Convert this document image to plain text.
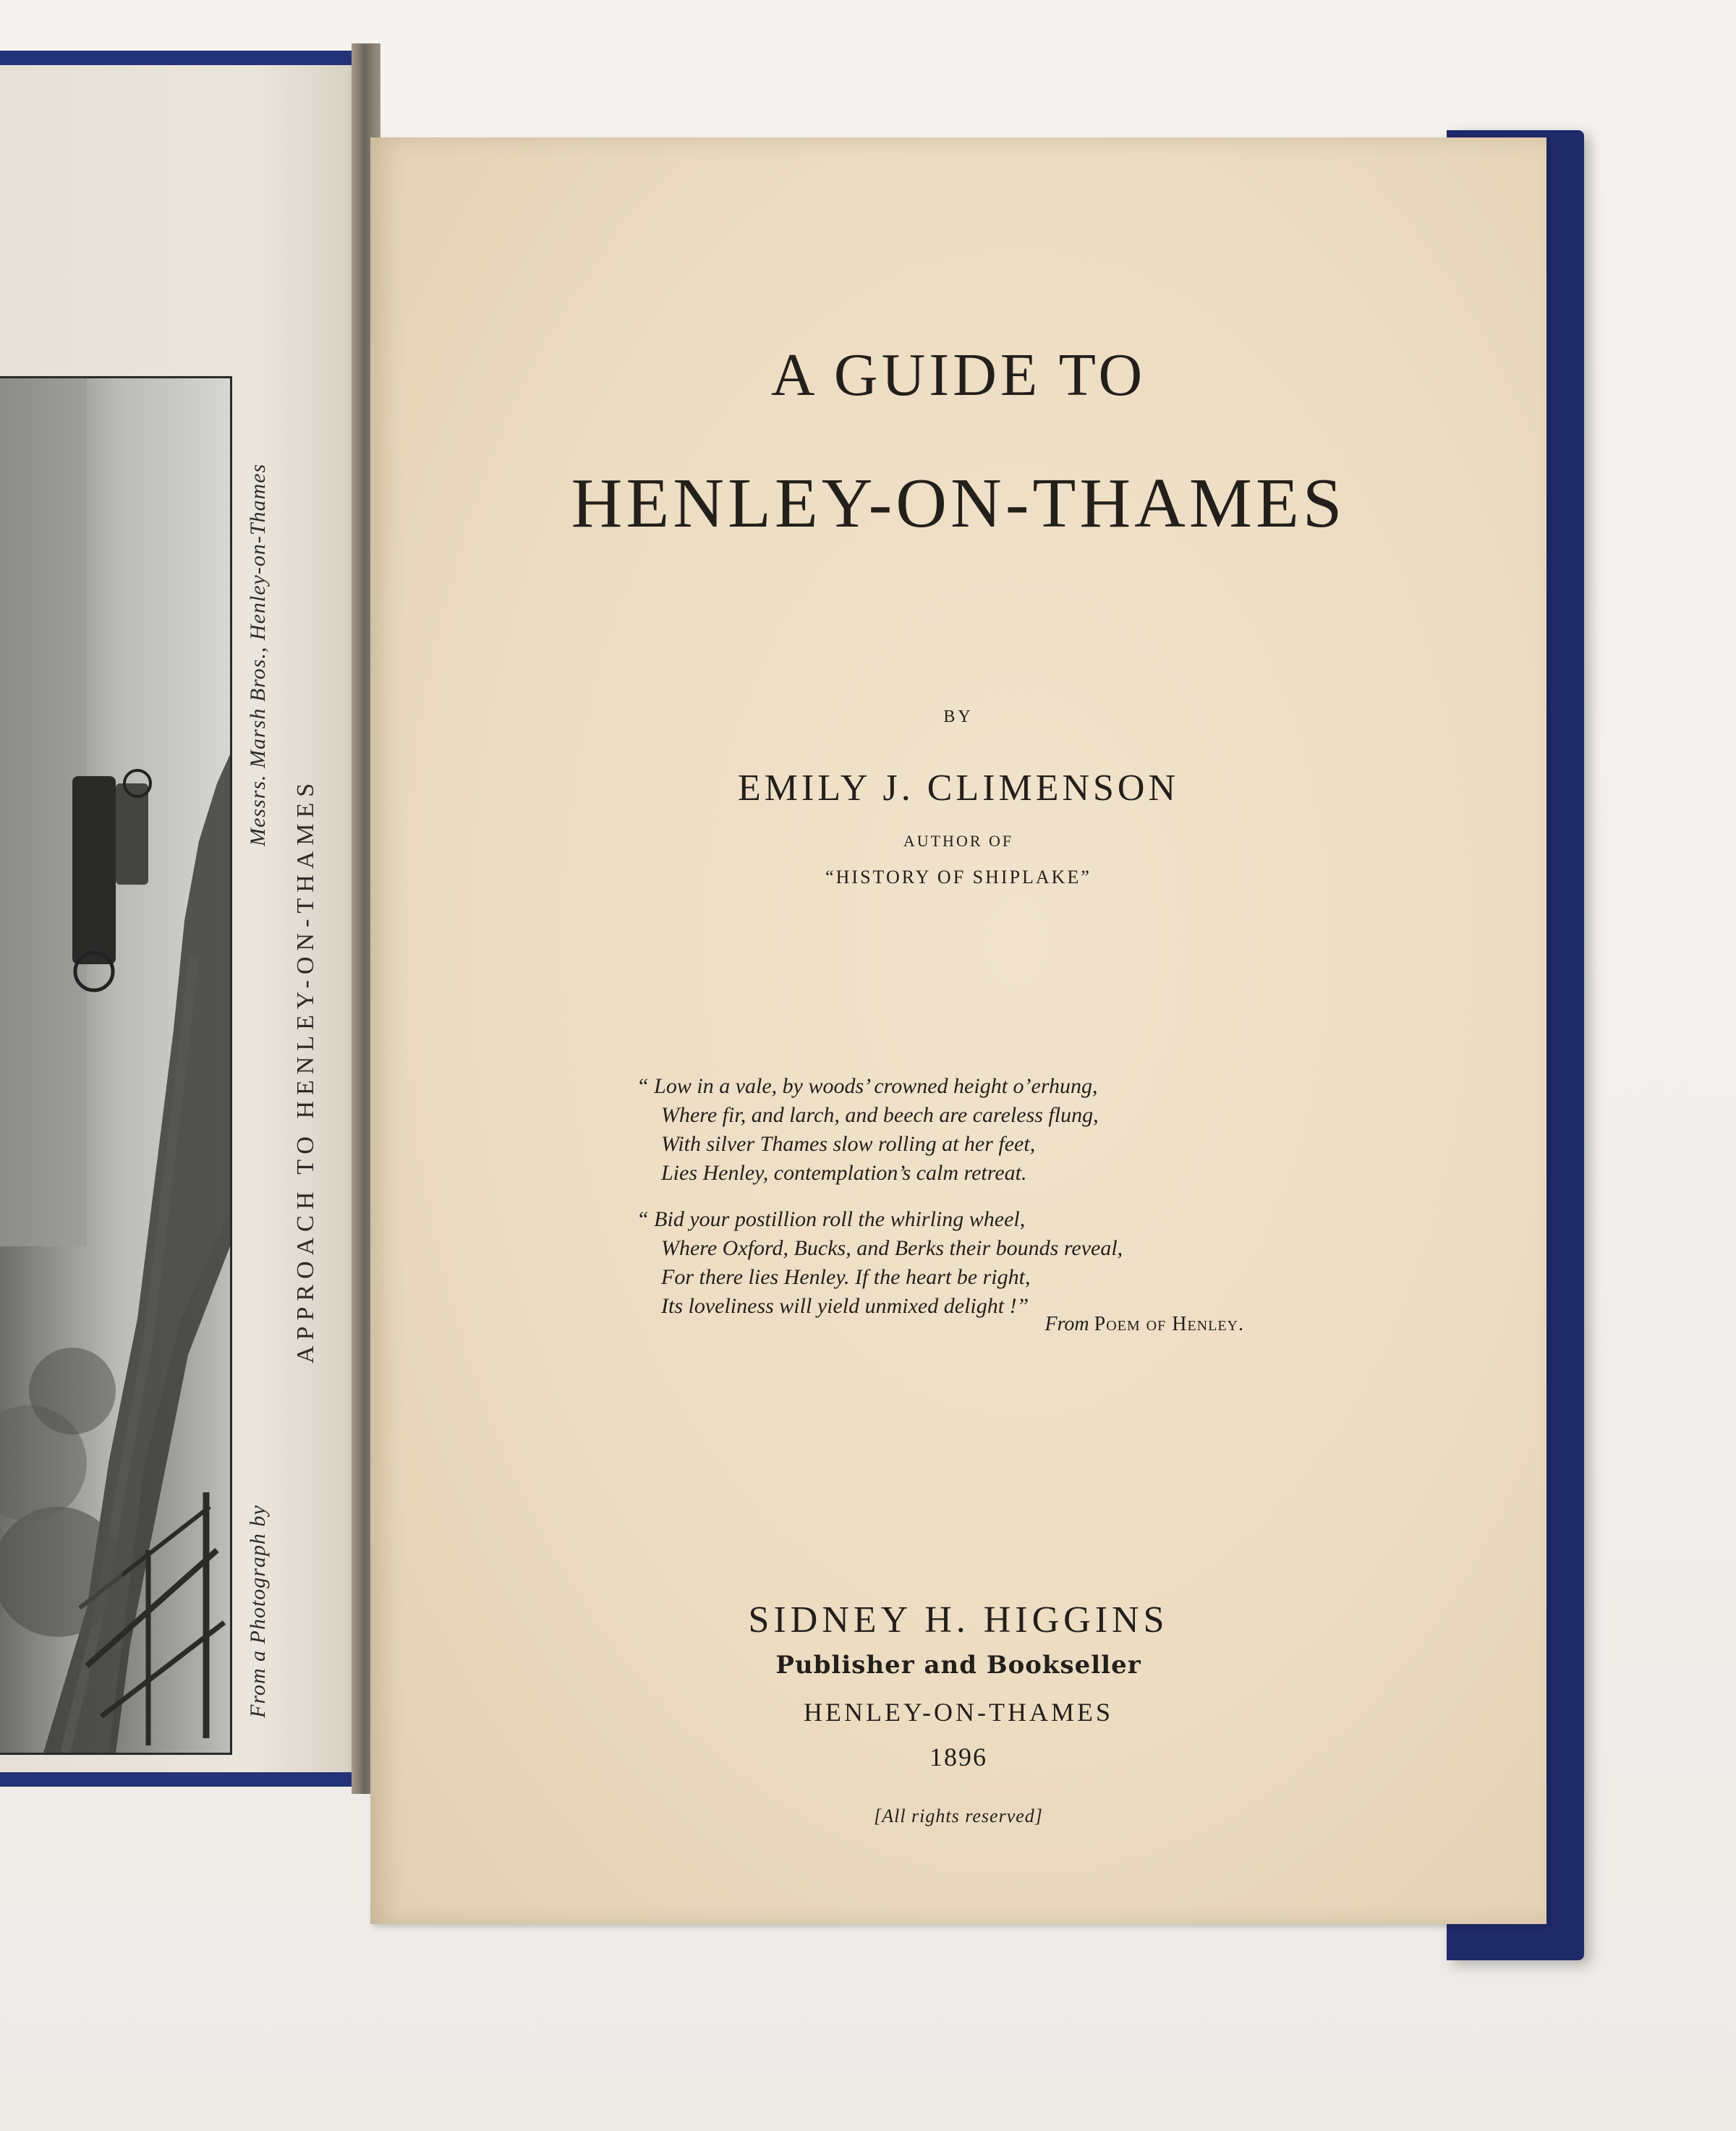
From a Photograph by
Messrs. Marsh Bros., Henley-on-Thames
APPROACH TO HENLEY-ON-THAMES
A GUIDE TO
HENLEY-ON-THAMES
BY
EMILY J. CLIMENSON
AUTHOR OF
“HISTORY OF SHIPLAKE”
“ Low in a vale, by woods’ crowned height o’erhung,
Where fir, and larch, and beech are careless flung,
With silver Thames slow rolling at her feet,
Lies Henley, contemplation’s calm retreat.
“ Bid your postillion roll the whirling wheel,
Where Oxford, Bucks, and Berks their bounds reveal,
For there lies Henley. If the heart be right,
Its loveliness will yield unmixed delight !”
From Poem of Henley.
SIDNEY H. HIGGINS
Publisher and Bookseller
HENLEY-ON-THAMES
1896
[All rights reserved]
